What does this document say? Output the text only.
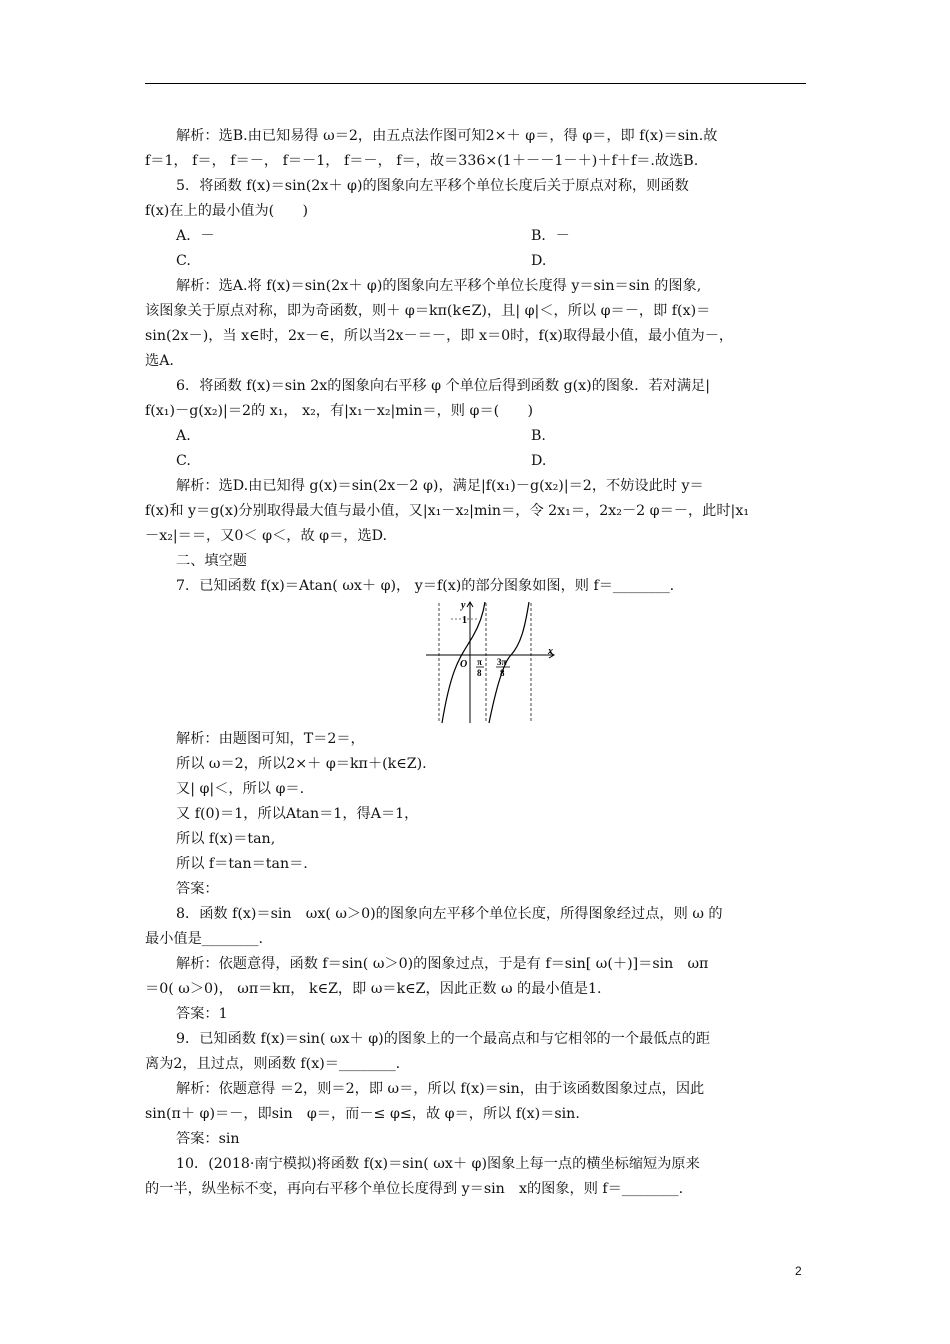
解析：选B.由已知易得 ω＝2，由五点法作图可知2×＋ φ＝，得 φ＝，即 f(x)＝sin.故
f＝1， f＝， f＝－， f＝－1， f＝－， f＝，故＝336×(1＋－－1－＋)＋f＋f＝.故选B.
5．将函数 f(x)＝sin(2x＋ φ)的图象向左平移个单位长度后关于原点对称，则函数
f(x)在上的最小值为(　　)
A．－	B．－
C.	D.
解析：选A.将 f(x)＝sin(2x＋ φ)的图象向左平移个单位长度得 y＝sin＝sin 的图象,
该图象关于原点对称，即为奇函数，则＋ φ＝kπ(k∈Z)，且| φ|＜，所以 φ＝－，即 f(x)＝
sin(2x－)，当 x∈时，2x－∈，所以当2x－＝－，即 x＝0时，f(x)取得最小值，最小值为－，
选A.
6．将函数 f(x)＝sin 2x的图象向右平移 φ 个单位后得到函数 g(x)的图象．若对满足|
f(x₁)－g(x₂)|＝2的 x₁， x₂，有|x₁－x₂|min＝，则 φ＝(　　)
A.	B.
C.	D.
解析：选D.由已知得 g(x)＝sin(2x－2 φ)，满足|f(x₁)－g(x₂)|＝2，不妨设此时 y＝
f(x)和 y＝g(x)分别取得最大值与最小值，又|x₁－x₂|min＝，令 2x₁＝，2x₂－2 φ＝－，此时|x₁
－x₂|＝＝，又0＜ φ＜，故 φ＝，选D.
二、填空题
7．已知函数 f(x)＝Atan( ωx＋ φ)， y＝f(x)的部分图象如图，则 f＝________.
y
x
O
1
π
8
3π
8
解析：由题图可知，T＝2＝，
所以 ω＝2，所以2×＋ φ＝kπ＋(k∈Z).
又| φ|＜，所以 φ＝.
又 f(0)＝1，所以Atan＝1，得A＝1，
所以 f(x)＝tan,
所以 f＝tan＝tan＝.
答案：
8．函数 f(x)＝sin　ωx( ω＞0)的图象向左平移个单位长度，所得图象经过点，则 ω 的
最小值是________.
解析：依题意得，函数 f＝sin( ω＞0)的图象过点，于是有 f＝sin[ ω(＋)]＝sin　ωπ
＝0( ω＞0)， ωπ＝kπ， k∈Z，即 ω＝k∈Z，因此正数 ω 的最小值是1.
答案：1
9．已知函数 f(x)＝sin( ωx＋ φ)的图象上的一个最高点和与它相邻的一个最低点的距
离为2，且过点，则函数 f(x)＝________.
解析：依题意得 ＝2，则＝2，即 ω＝，所以 f(x)＝sin，由于该函数图象过点，因此
sin(π＋ φ)＝－，即sin　φ＝，而－≤ φ≤，故 φ＝，所以 f(x)＝sin.
答案：sin
10．(2018·南宁模拟)将函数 f(x)＝sin( ωx＋ φ)图象上每一点的横坐标缩短为原来
的一半，纵坐标不变，再向右平移个单位长度得到 y＝sin　x的图象，则 f＝________.
2
